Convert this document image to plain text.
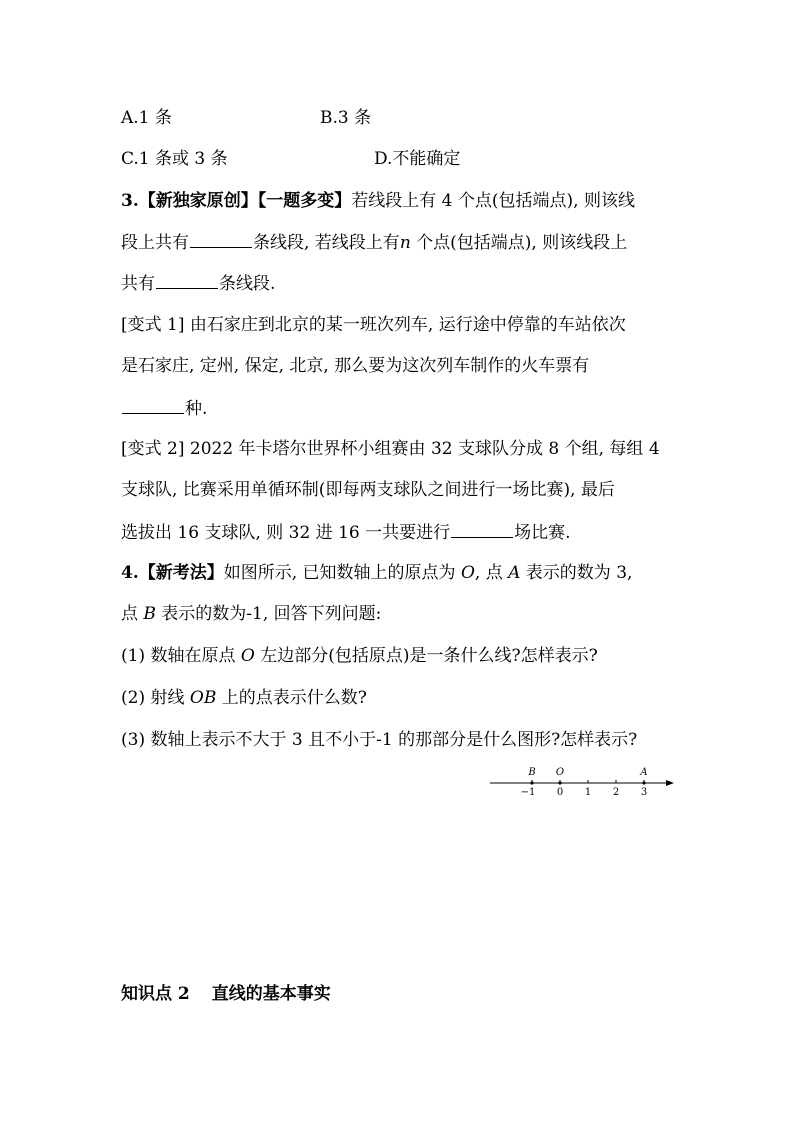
A.1 条	B.3 条
C.1 条或 3 条	D.不能确定
3.【新独家原创】【一题多变】若线段上有 4 个点(包括端点), 则该线
段上共有	条线段, 若线段上有n 个点(包括端点), 则该线段上
共有	条线段.
[变式 1] 由石家庄到北京的某一班次列车, 运行途中停靠的车站依次
是石家庄, 定州, 保定, 北京, 那么要为这次列车制作的火车票有
种.
[变式 2] 2022 年卡塔尔世界杯小组赛由 32 支球队分成 8 个组, 每组 4
支球队, 比赛采用单循环制(即每两支球队之间进行一场比赛), 最后
选拔出 16 支球队, 则 32 进 16 一共要进行	场比赛.
4.【新考法】如图所示, 已知数轴上的原点为 O, 点 A 表示的数为 3,
点 B 表示的数为-1, 回答下列问题:
(1) 数轴在原点 O 左边部分(包括原点)是一条什么线?怎样表示?
(2) 射线 OB 上的点表示什么数?
(3) 数轴上表示不大于 3 且不小于-1 的那部分是什么图形?怎样表示?
B O	A
−1 0 1 2 3
知识点 2 直线的基本事实
